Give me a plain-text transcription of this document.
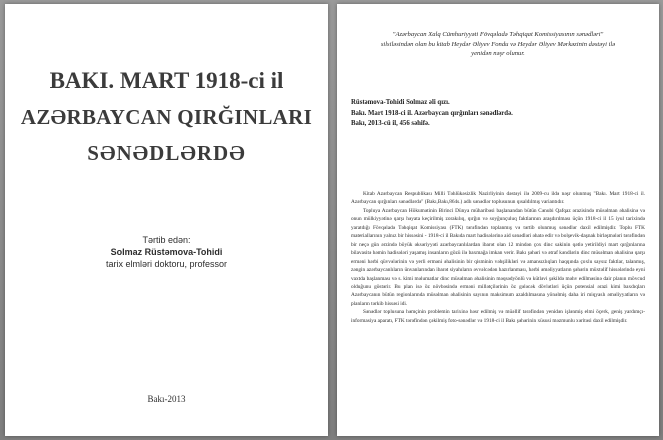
BAKI. MART 1918-ci il
AZƏRBAYCAN QIRĞINLARI
SƏNƏDLƏRDƏ
Tərtib edən:
Solmaz Rüstəmova-Tohidi
tarix elmləri doktoru, professor
Bakı-2013
"Azərbaycan Xalq Cümhuriyyəti Fövqəladə Təhqiqat Komissiyasının sənədləri"
silsiləsindən olan bu kitab Heydər Əliyev Fondu və Heydər Əliyev Mərkəzinin dəstəyi ilə
yenidən nəşr olunur.
Rüstəmova-Tohidi Solmaz əli qızı.
Bakı. Mart 1918-ci il. Azərbaycan qırğınları sənədlərdə.
Bakı, 2013-cü il, 456 səhifə.

Kitab Azərbaycan Respublikası Milli Təhlükəsizlik Nazirliyinin dəstəyi ilə 2009-cu ildə nəşr olunmuş "Bakı. Mart 1918-ci il. Azərbaycan qırğınları sənədlərdə" (Bakı,Bakı,864s.) adlı sənədlər toplusunun qısaldılmış variantıdır.

Topluya Azərbaycan Hökumətinin Birinci Dünya müharibəsi başlanandan bütün Cənubi Qafqaz ərazisində müsəlman əhalisinə və onun mülkiyyətinə qarşı həyata keçirilmiş zorakılıq, qırğın və soyğunçuluq faktlarının araşdırılması üçün 1918-ci il 15 iyul tarixində yaratdığı Fövqəladə Təhqiqat Komissiyası (FTK) tərəfindən toplanmış və tərtib olunmuş sənədlər daxil edilmişdir. Toplu FTK materiallarının yalnız bir hissəsini - 1918-ci il Bakıda mart hadisələrinə aid sənədləri əhatə edir və bolşevik-daşnak birləşmələri tərəfindən bir neçə gün ərzində böyük əksəriyyəti azərbaycanlılardan ibarət olan 12 mindən çox dinc sakinin qətlə yetirildiyi mart qırğınlarına bilavasitə həmin hadisələri yaşamış insanların gözü ilə baxmağa imkan verir. Bakı şəhəri və ətraf kəndlərin dinc müsəlman əhalisinə qarşı erməni hərbi qüvvələrinin və yerli erməni əhalisinin bir qisminin vəhşilikləri və amansızlıqları haqqında çoxlu saysız faktlar, talanmış, zəngin azərbaycanlıların ünvanlarından ibarət siyahıların əvvəlcədən hazırlanması, hərbi əməliyyatların şəhərin müxtəlif hissələrində eyni vaxtda başlanması və s. kimi məlumatlar dinc müsəlman əhalisinin məqsədyönlü və kütləvi şəkildə məhv edilməsinə dair planın mövcud olduğunu göstərir. Bu plan isə öz növbəsində erməni millətçilərinin öz gələcək dövlətləri üçün potensial ərazi kimi baxdıqları Azərbaycanın bütün regionlarında müsəlman əhalisinin sayının maksimum azaldılmasına yönəlmiş daha iri miqyaslı əməliyyatların və planların tərkib hissəsi idi.

Sənədlər toplusuna həmçinin problemin tarixinə həsr edilmiş və müəllif tərəfindən yenidən işlənmiş elmi öçerk, geniş yardımçı-informasiya aparatı, FTK tərəfindən çəkilmiş foto-sənədlər və 1918-ci il Bakı şəhərinin xüsusi məzmunlu xəritəsi daxil edilmişdir.
